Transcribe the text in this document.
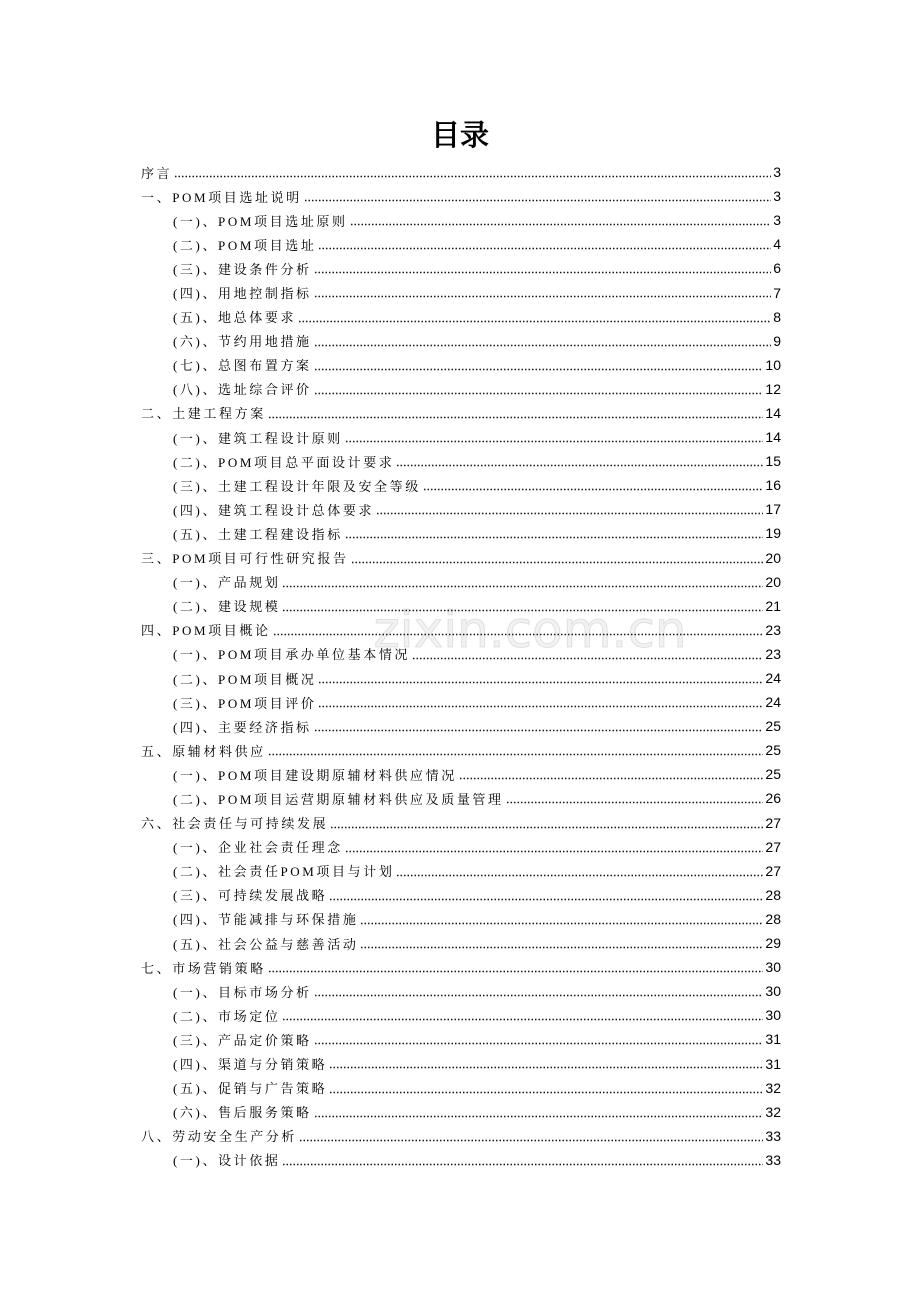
目录
序言	3
一、POM项目选址说明	3
(一)、POM项目选址原则	3
(二)、POM项目选址	4
(三)、建设条件分析	6
(四)、用地控制指标	7
(五)、地总体要求	8
(六)、节约用地措施	9
(七)、总图布置方案	10
(八)、选址综合评价	12
二、土建工程方案	14
(一)、建筑工程设计原则	14
(二)、POM项目总平面设计要求	15
(三)、土建工程设计年限及安全等级	16
(四)、建筑工程设计总体要求	17
(五)、土建工程建设指标	19
三、POM项目可行性研究报告	20
(一)、产品规划	20
(二)、建设规模	21
四、POM项目概论	23
(一)、POM项目承办单位基本情况	23
(二)、POM项目概况	24
(三)、POM项目评价	24
(四)、主要经济指标	25
五、原辅材料供应	25
(一)、POM项目建设期原辅材料供应情况	25
(二)、POM项目运营期原辅材料供应及质量管理	26
六、社会责任与可持续发展	27
(一)、企业社会责任理念	27
(二)、社会责任POM项目与计划	27
(三)、可持续发展战略	28
(四)、节能减排与环保措施	28
(五)、社会公益与慈善活动	29
七、市场营销策略	30
(一)、目标市场分析	30
(二)、市场定位	30
(三)、产品定价策略	31
(四)、渠道与分销策略	31
(五)、促销与广告策略	32
(六)、售后服务策略	32
八、劳动安全生产分析	33
(一)、设计依据	33
